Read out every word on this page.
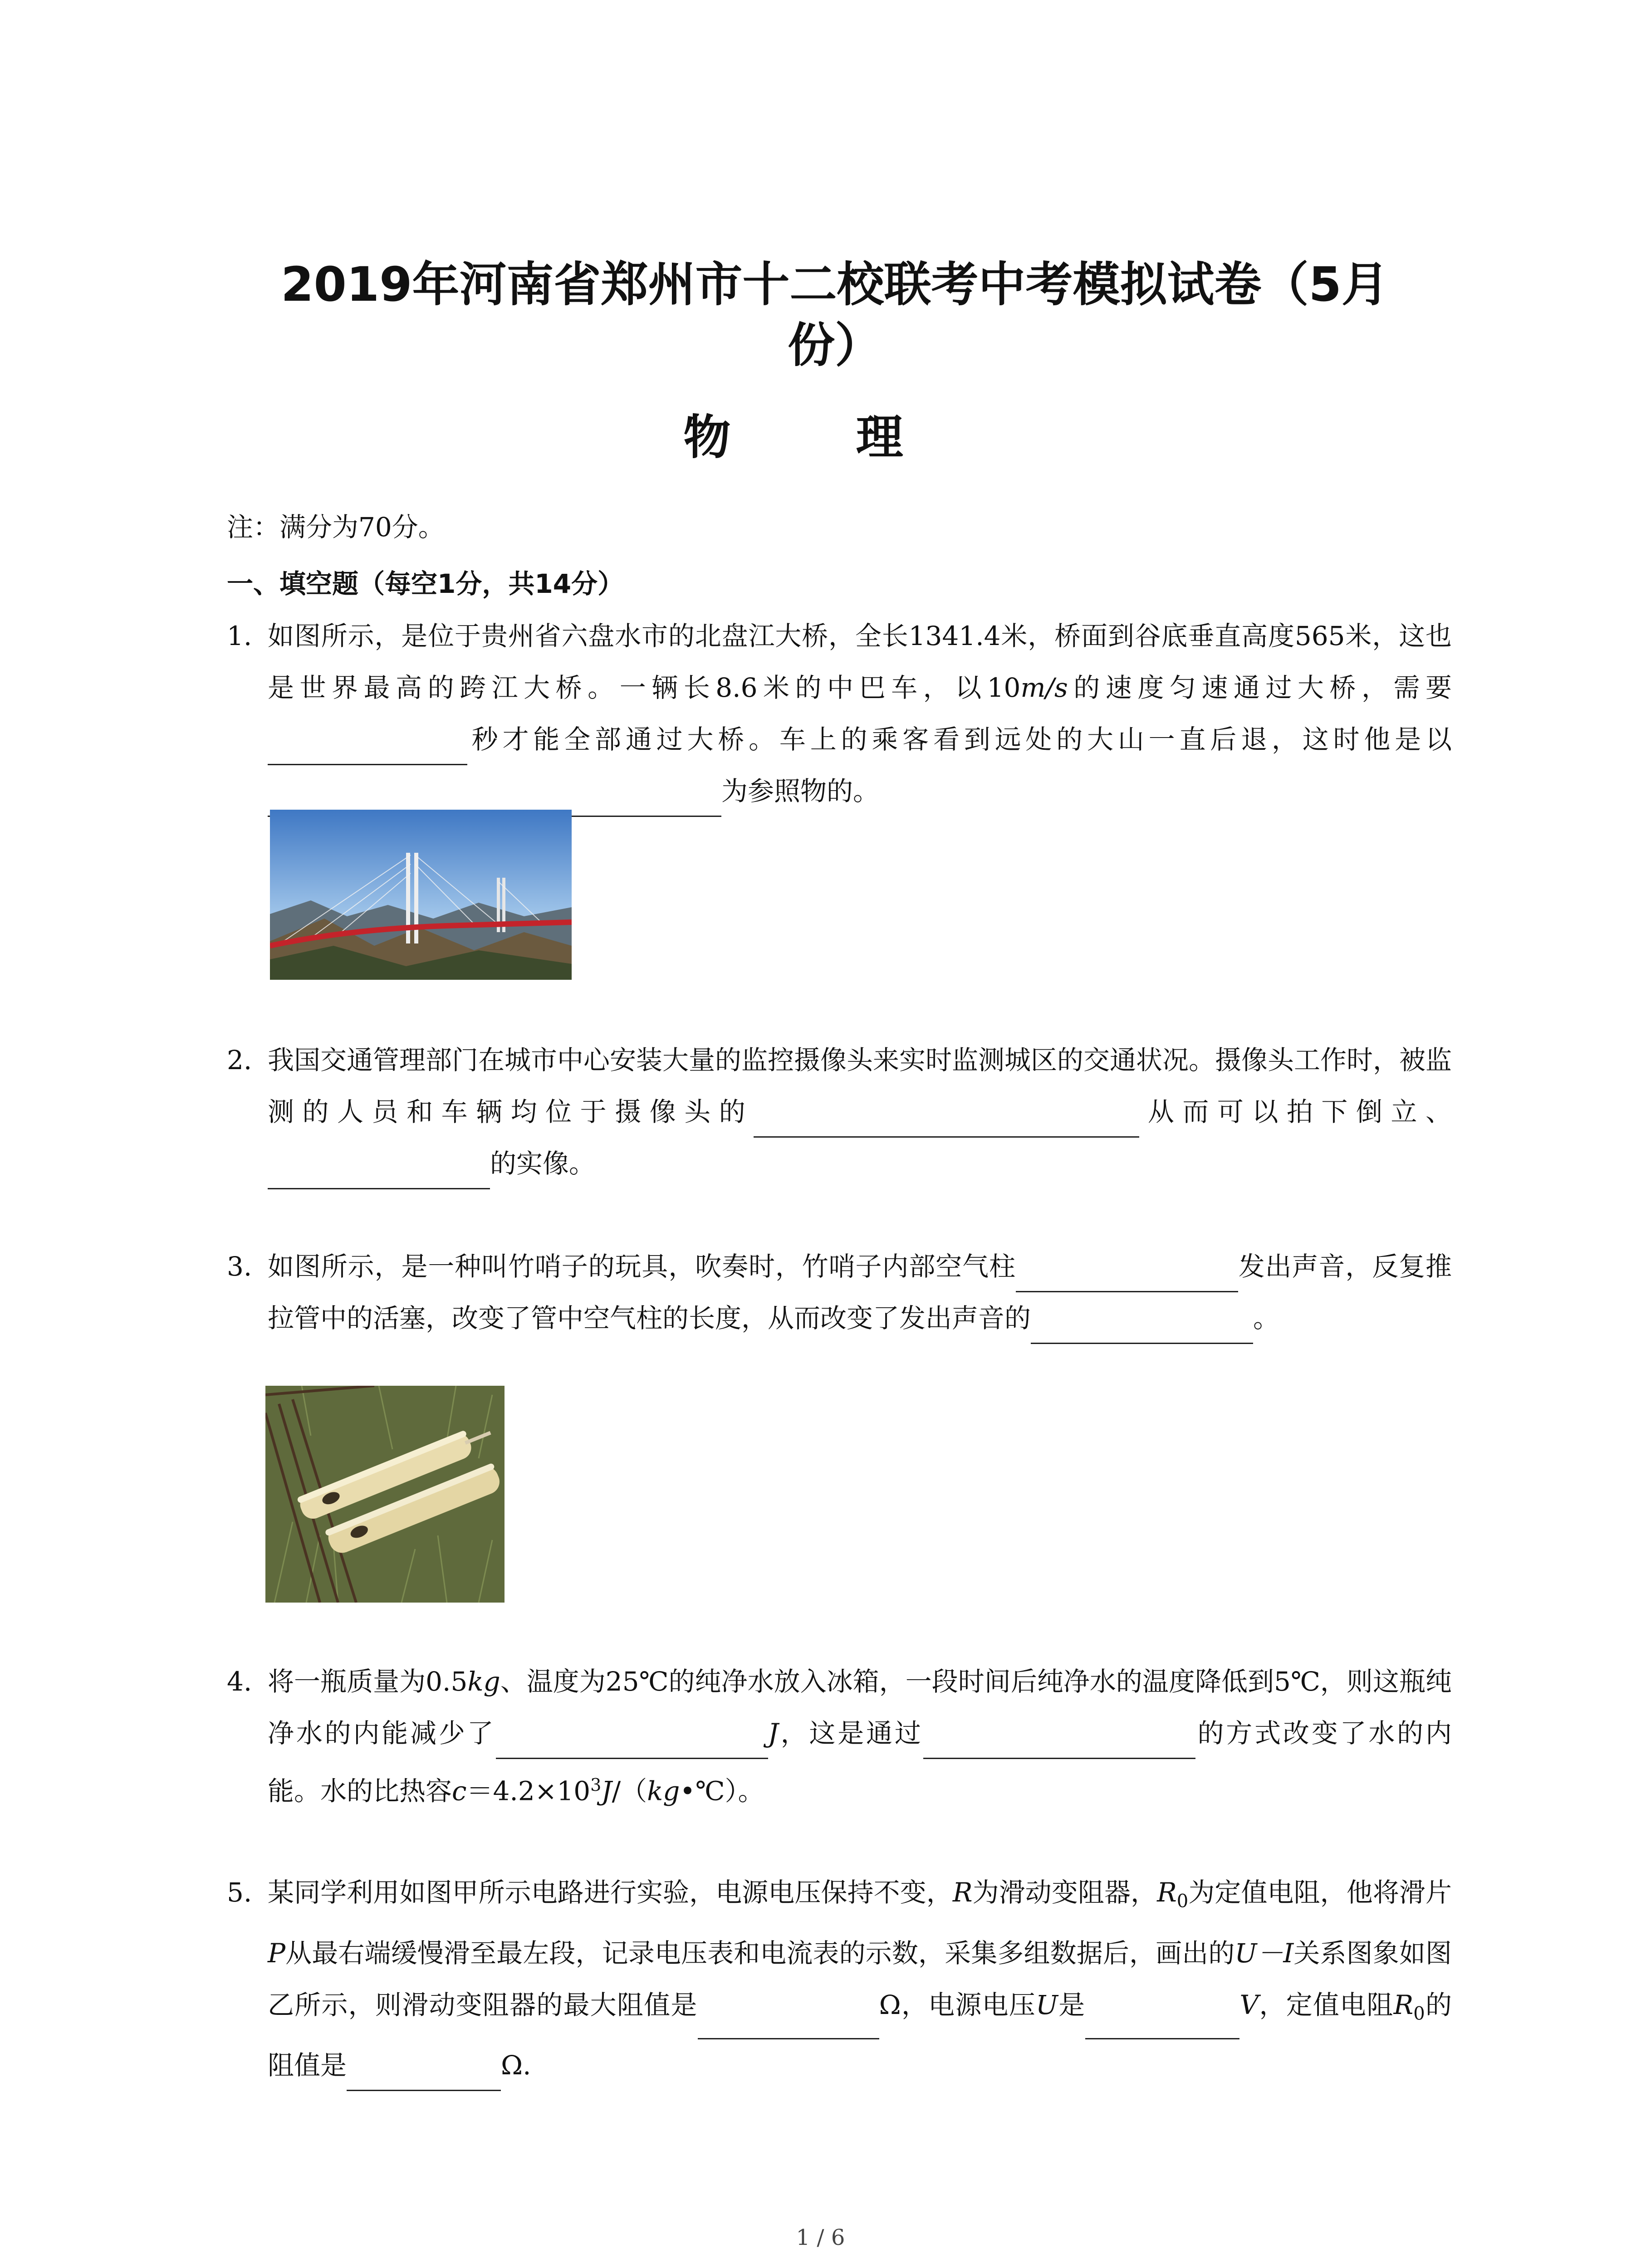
2019年河南省郑州市十二校联考中考模拟试卷（5月份）
物 理
注：满分为70分。
一、填空题（每空1分，共14分）
1. 如图所示，是位于贵州省六盘水市的北盘江大桥，全长1341.4米，桥面到谷底垂直高度565米，这也是世界最高的跨江大桥。一辆长8.6米的中巴车，以10m/s的速度匀速通过大桥，需要秒才能全部通过大桥。车上的乘客看到远处的大山一直后退，这时他是以为参照物的。
2. 我国交通管理部门在城市中心安装大量的监控摄像头来实时监测城区的交通状况。摄像头工作时，被监测的人员和车辆均位于摄像头的	从而可以拍下倒立、的实像。
3. 如图所示，是一种叫竹哨子的玩具，吹奏时，竹哨子内部空气柱	发出声音，反复推拉管中的活塞，改变了管中空气柱的长度，从而改变了发出声音的	。
4. 将一瓶质量为0.5kg、温度为25℃的纯净水放入冰箱，一段时间后纯净水的温度降低到5℃，则这瓶纯净水的内能减少了	J，这是通过	的方式改变了水的内能。水的比热容$c=4.2\times 10^3J/(kg•℃)$。
5. 某同学利用如图甲所示电路进行实验，电源电压保持不变，R为滑动变阻器，$R_0$为定值电阻，他将滑片P从最右端缓慢滑至最左段，记录电压表和电流表的示数，采集多组数据后，画出的U－I关系图象如图乙所示，则滑动变阻器的最大阻值是	Ω，电源电压U是	V，定值电阻$R_0$的阻值是	Ω.
1 / 6
